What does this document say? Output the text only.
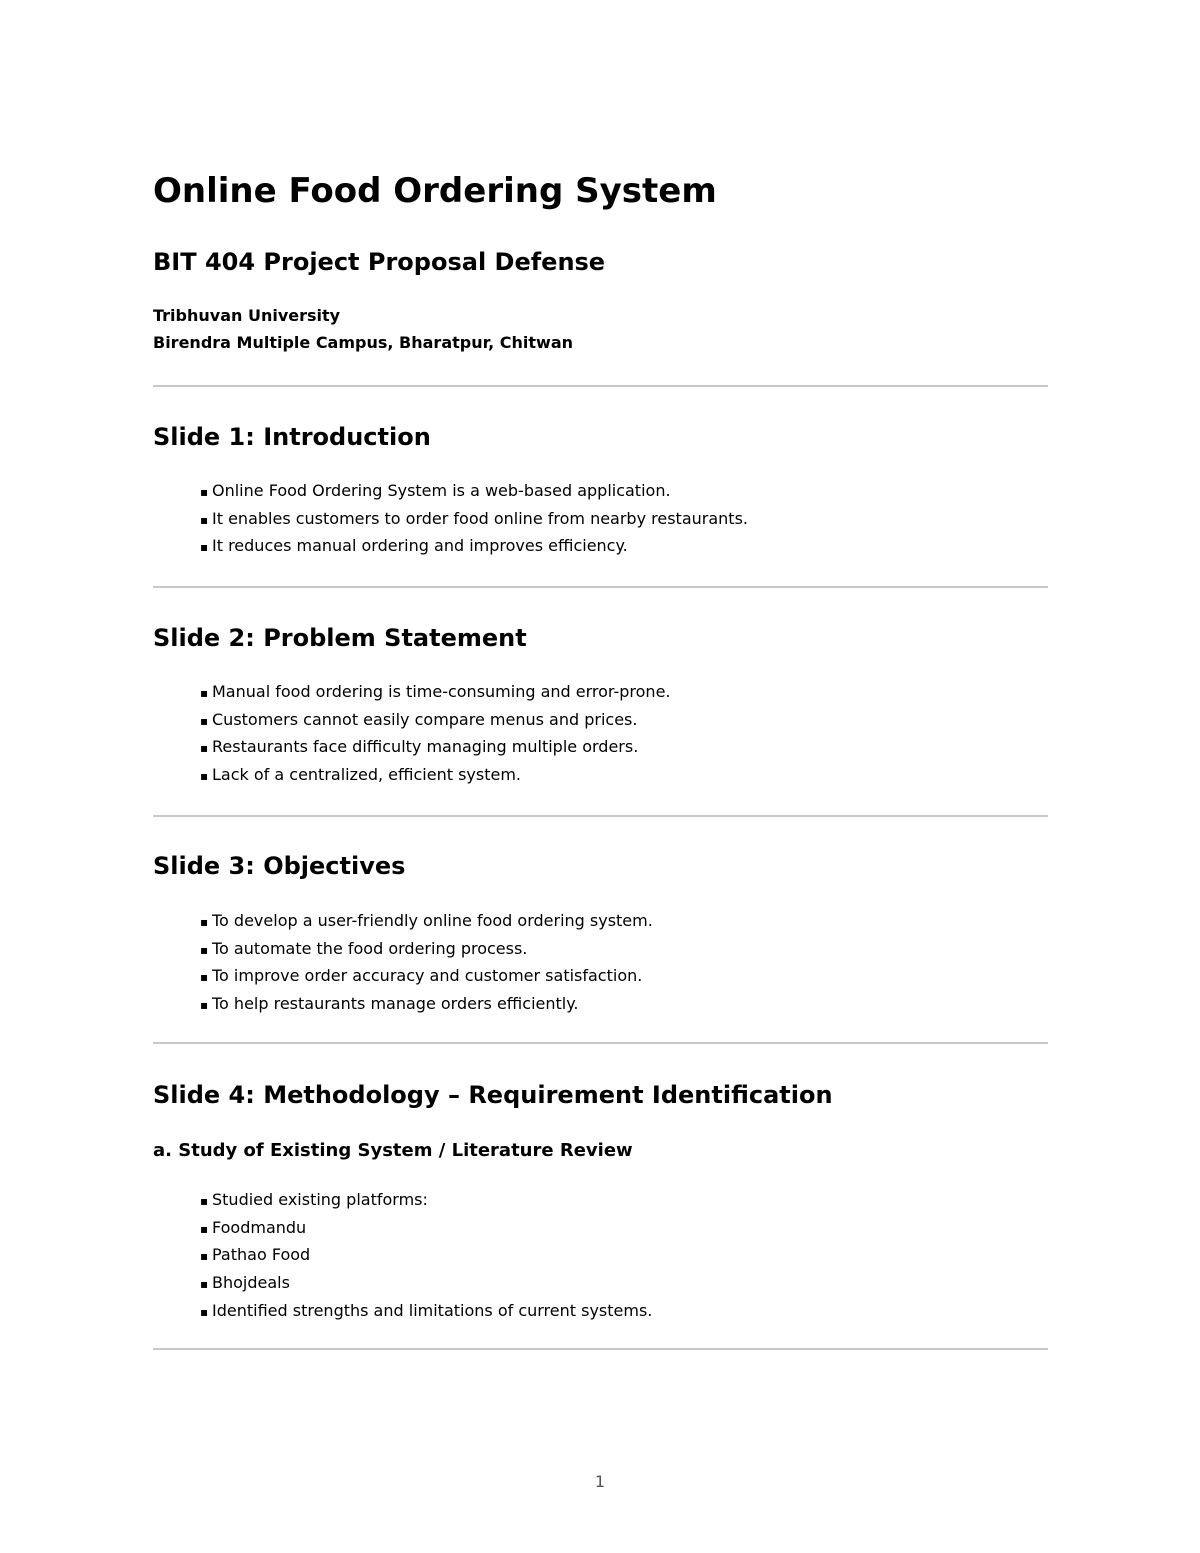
Online Food Ordering System
BIT 404 Project Proposal Defense

Tribhuvan University

Birendra Multiple Campus, Bharatpur, Chitwan

Slide 1: Introduction
▪ Online Food Ordering System is a web-based application.
▪ It enables customers to order food online from nearby restaurants.
▪ It reduces manual ordering and improves efficiency.
Slide 2: Problem Statement
▪ Manual food ordering is time-consuming and error-prone.
▪ Customers cannot easily compare menus and prices.
▪ Restaurants face difficulty managing multiple orders.
▪ Lack of a centralized, efficient system.
Slide 3: Objectives
▪ To develop a user-friendly online food ordering system.
▪ To automate the food ordering process.
▪ To improve order accuracy and customer satisfaction.
▪ To help restaurants manage orders efficiently.
Slide 4: Methodology – Requirement Identification
a. Study of Existing System / Literature Review
▪ Studied existing platforms:
▪ Foodmandu
▪ Pathao Food
▪ Bhojdeals
▪ Identified strengths and limitations of current systems.
1
